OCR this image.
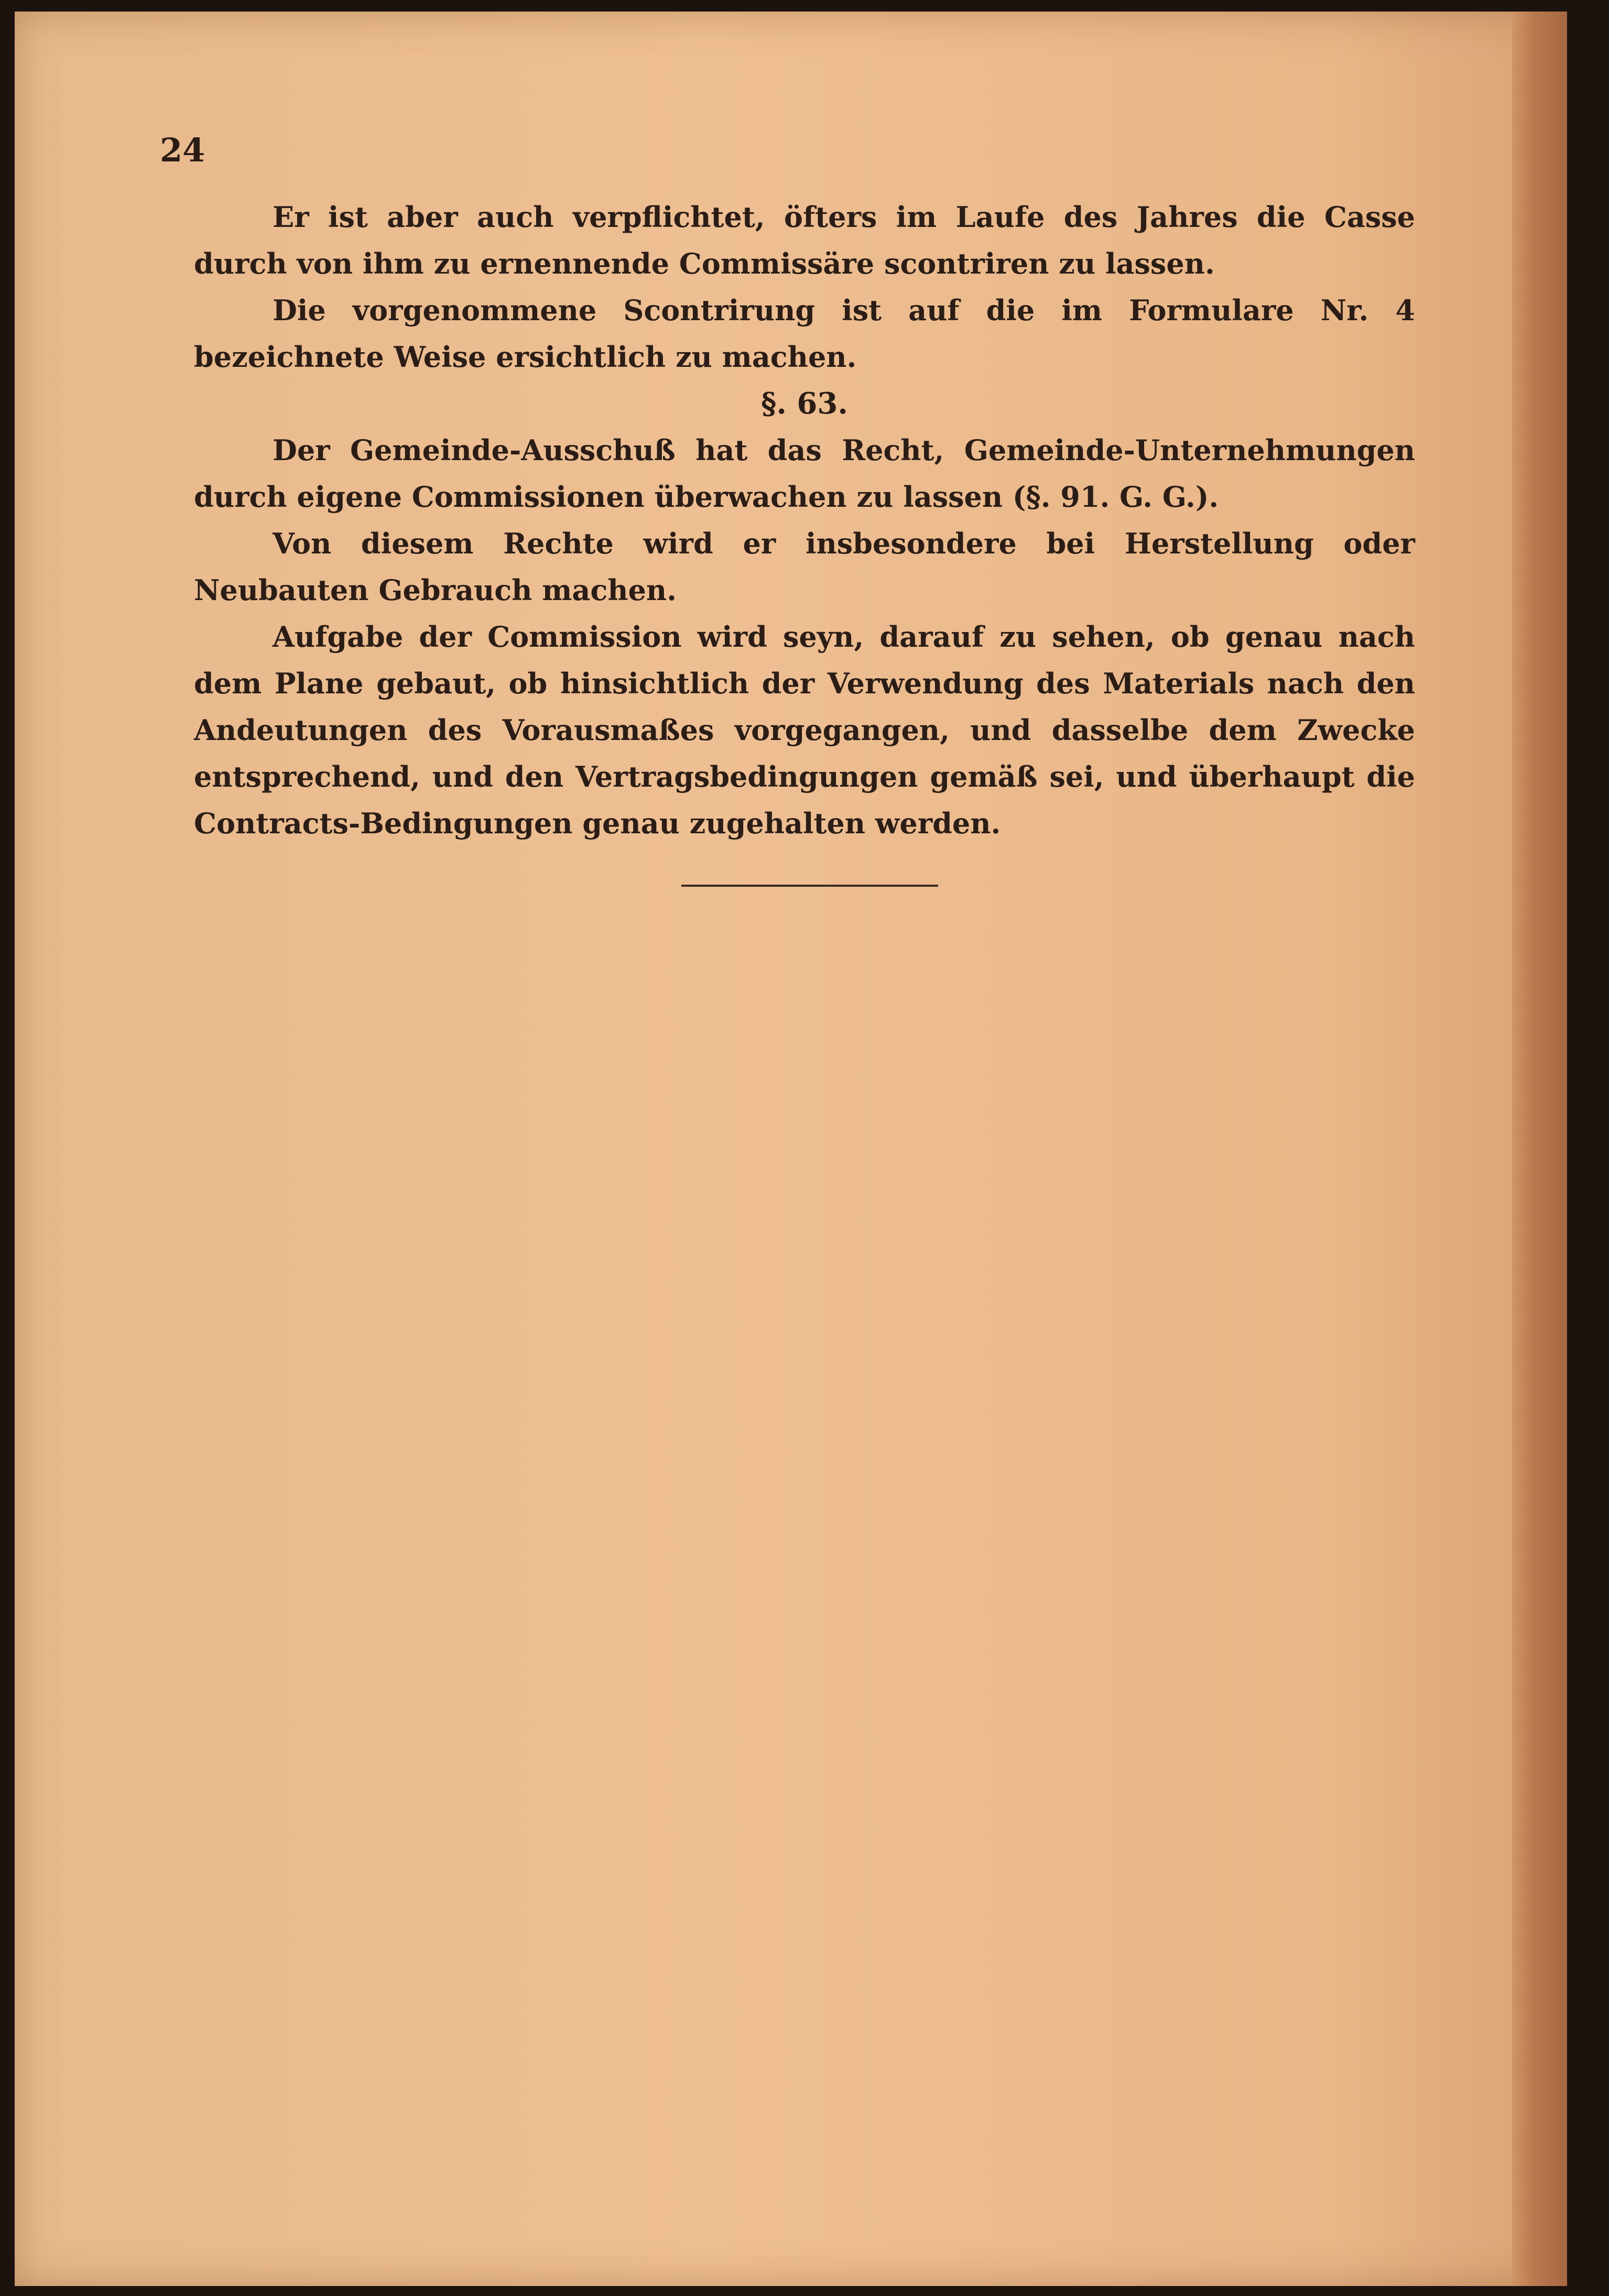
24

Er ist aber auch verpflichtet, öfters im Laufe des Jahres die Casse durch von ihm zu ernennende Commissäre scontriren zu lassen.

Die vorgenommene Scontrirung ist auf die im Formulare Nr. 4 bezeichnete Weise ersichtlich zu machen.

§. 63.

Der Gemeinde-Ausschuß hat das Recht, Gemeinde-Unternehmungen durch eigene Commissionen überwachen zu lassen (§. 91. G. G.).

Von diesem Rechte wird er insbesondere bei Herstellung oder Neubauten Gebrauch machen.

Aufgabe der Commission wird seyn, darauf zu sehen, ob genau nach dem Plane gebaut, ob hinsichtlich der Verwendung des Materials nach den Andeutungen des Vorausmaßes vorgegangen, und dasselbe dem Zwecke entsprechend, und den Vertragsbedingungen gemäß sei, und überhaupt die Contracts-Bedingungen genau zugehalten werden.
